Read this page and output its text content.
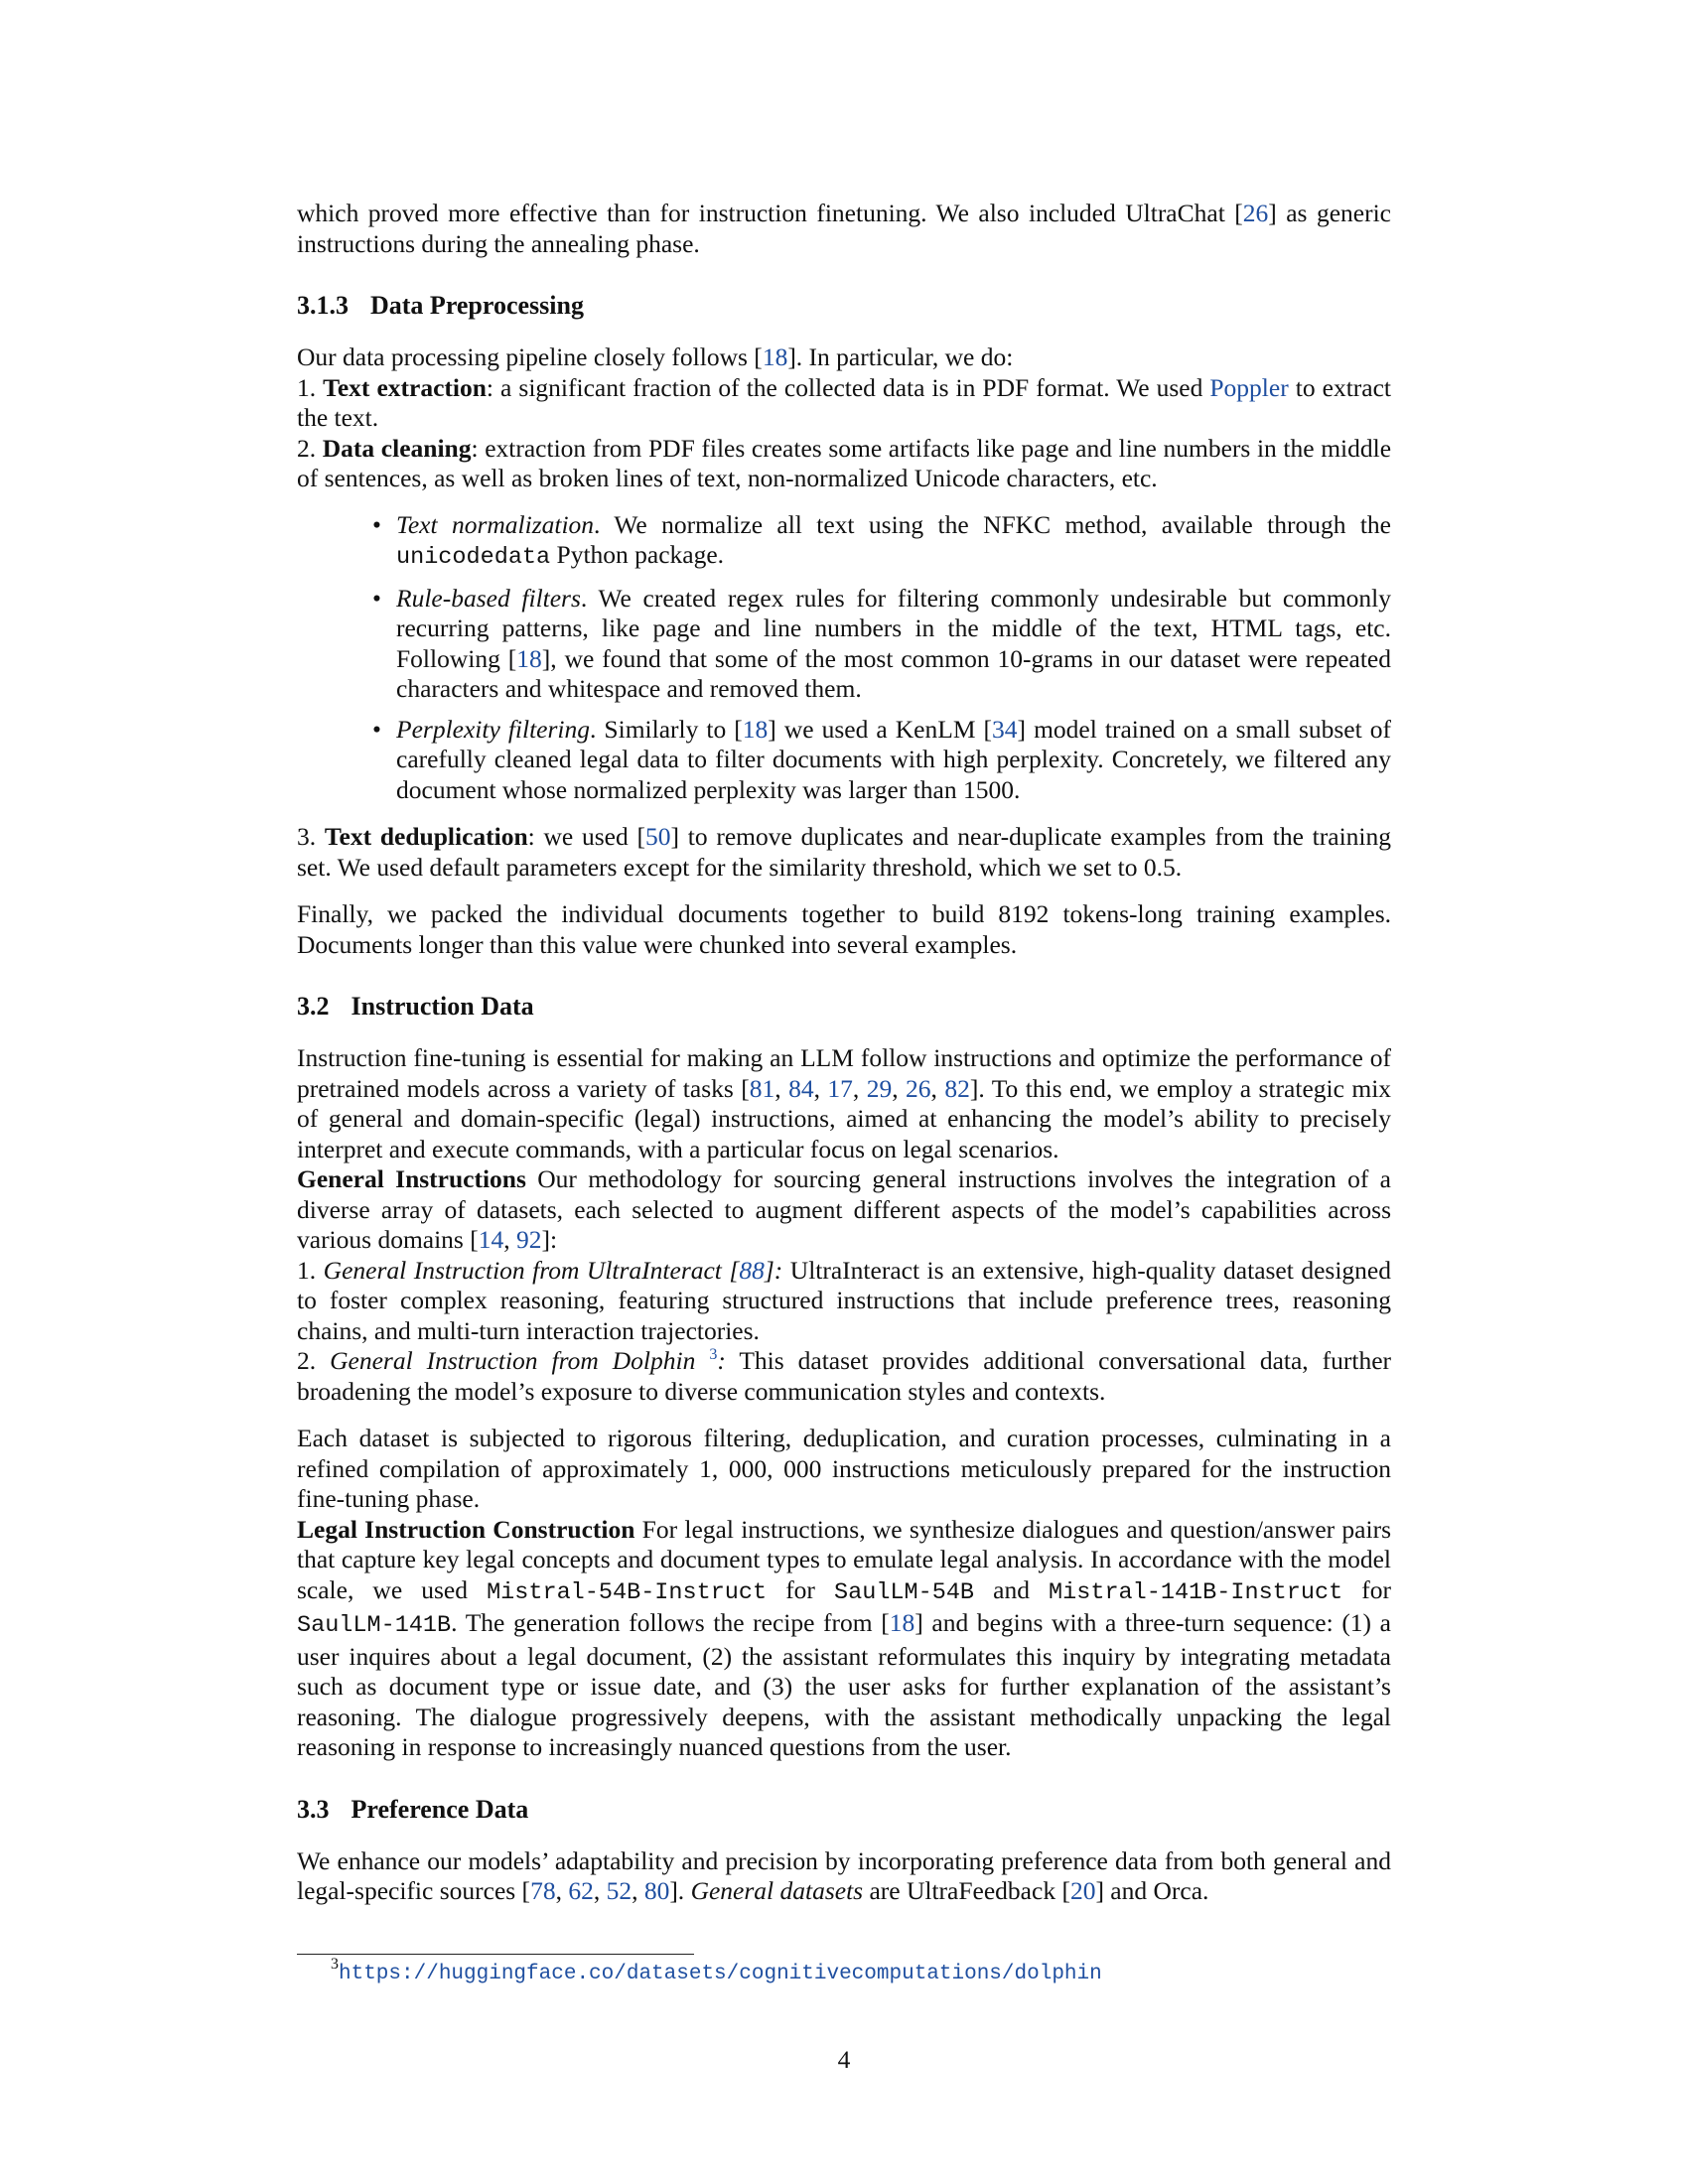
which proved more effective than for instruction finetuning. We also included UltraChat [26] as generic instructions during the annealing phase.

3.1.3 Data Preprocessing

Our data processing pipeline closely follows [18]. In particular, we do:

1. Text extraction: a significant fraction of the collected data is in PDF format. We used Poppler to extract the text.

2. Data cleaning: extraction from PDF files creates some artifacts like page and line numbers in the middle of sentences, as well as broken lines of text, non-normalized Unicode characters, etc.

• Text normalization. We normalize all text using the NFKC method, available through the unicodedata Python package.
• Rule-based filters. We created regex rules for filtering commonly undesirable but commonly recurring patterns, like page and line numbers in the middle of the text, HTML tags, etc. Following [18], we found that some of the most common 10-grams in our dataset were repeated characters and whitespace and removed them.
• Perplexity filtering. Similarly to [18] we used a KenLM [34] model trained on a small subset of carefully cleaned legal data to filter documents with high perplexity. Concretely, we filtered any document whose normalized perplexity was larger than 1500.

3. Text deduplication: we used [50] to remove duplicates and near-duplicate examples from the training set. We used default parameters except for the similarity threshold, which we set to 0.5.

Finally, we packed the individual documents together to build 8192 tokens-long training examples. Documents longer than this value were chunked into several examples.

3.2 Instruction Data

Instruction fine-tuning is essential for making an LLM follow instructions and optimize the performance of pretrained models across a variety of tasks [81, 84, 17, 29, 26, 82]. To this end, we employ a strategic mix of general and domain-specific (legal) instructions, aimed at enhancing the model’s ability to precisely interpret and execute commands, with a particular focus on legal scenarios.

General Instructions Our methodology for sourcing general instructions involves the integration of a diverse array of datasets, each selected to augment different aspects of the model’s capabilities across various domains [14, 92]:

1. General Instruction from UltraInteract [88]: UltraInteract is an extensive, high-quality dataset designed to foster complex reasoning, featuring structured instructions that include preference trees, reasoning chains, and multi-turn interaction trajectories.

2. General Instruction from Dolphin $^3$: This dataset provides additional conversational data, further broadening the model’s exposure to diverse communication styles and contexts.

Each dataset is subjected to rigorous filtering, deduplication, and curation processes, culminating in a refined compilation of approximately 1, 000, 000 instructions meticulously prepared for the instruction fine-tuning phase.

Legal Instruction Construction For legal instructions, we synthesize dialogues and question/answer pairs that capture key legal concepts and document types to emulate legal analysis. In accordance with the model scale, we used Mistral-54B-Instruct for SaulLM-54B and Mistral-141B-Instruct for SaulLM-141B. The generation follows the recipe from [18] and begins with a three-turn sequence: (1) a user inquires about a legal document, (2) the assistant reformulates this inquiry by integrating metadata such as document type or issue date, and (3) the user asks for further explanation of the assistant’s reasoning. The dialogue progressively deepens, with the assistant methodically unpacking the legal reasoning in response to increasingly nuanced questions from the user.

3.3 Preference Data

We enhance our models’ adaptability and precision by incorporating preference data from both general and legal-specific sources [78, 62, 52, 80]. General datasets are UltraFeedback [20] and Orca.

$^3$https://huggingface.co/datasets/cognitivecomputations/dolphin
4
